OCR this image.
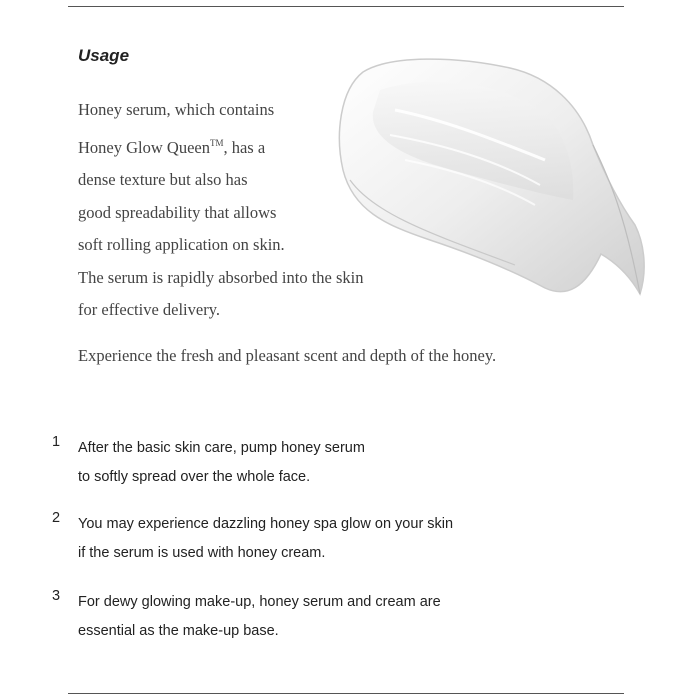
Usage

Honey serum, which contains
Honey Glow Queen™, has a
dense texture but also has
good spreadability that allows
soft rolling application on skin.
The serum is rapidly absorbed into the skin
for effective delivery.

Experience the fresh and pleasant scent and depth of the honey.

1 After the basic skin care, pump honey serum
to softly spread over the whole face.
2 You may experience dazzling honey spa glow on your skin
if the serum is used with honey cream.
3 For dewy glowing make-up, honey serum and cream are
essential as the make-up base.
